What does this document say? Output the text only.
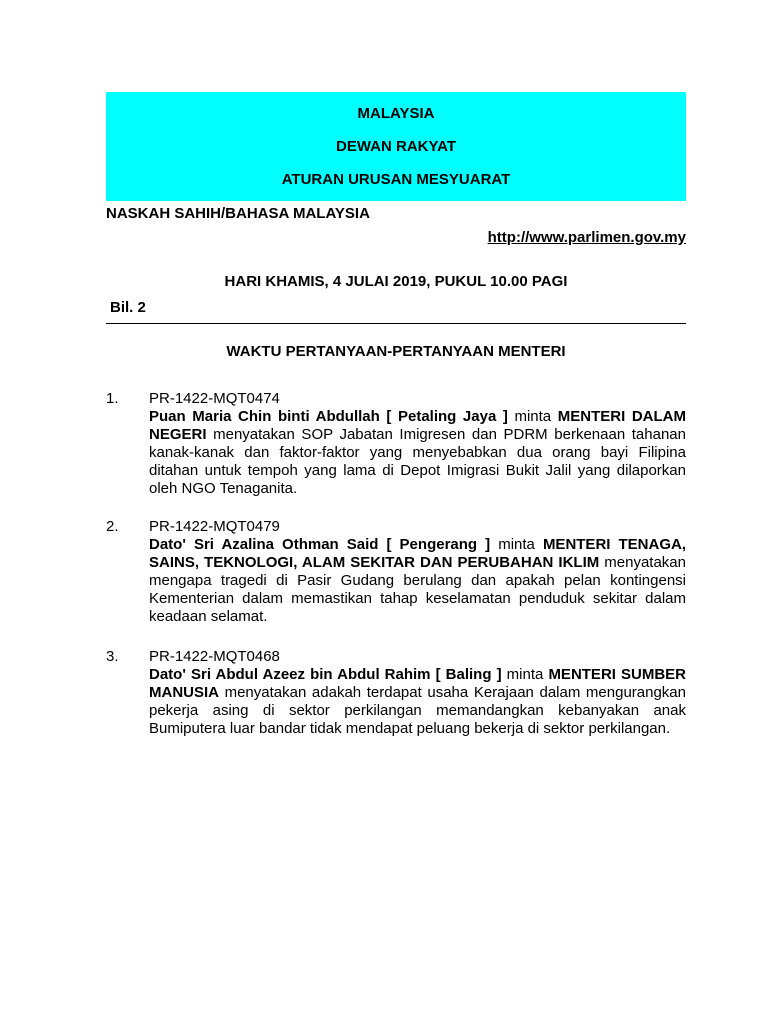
MALAYSIA
DEWAN RAKYAT
ATURAN URUSAN MESYUARAT
NASKAH SAHIH/BAHASA MALAYSIA
http://www.parlimen.gov.my
HARI KHAMIS, 4 JULAI 2019, PUKUL 10.00 PAGI
Bil. 2
WAKTU PERTANYAAN-PERTANYAAN MENTERI
1. PR-1422-MQT0474
Puan Maria Chin binti Abdullah [ Petaling Jaya ] minta MENTERI DALAM NEGERI menyatakan SOP Jabatan Imigresen dan PDRM berkenaan tahanan kanak-kanak dan faktor-faktor yang menyebabkan dua orang bayi Filipina ditahan untuk tempoh yang lama di Depot Imigrasi Bukit Jalil yang dilaporkan oleh NGO Tenaganita.
2. PR-1422-MQT0479
Dato' Sri Azalina Othman Said [ Pengerang ] minta MENTERI TENAGA, SAINS, TEKNOLOGI, ALAM SEKITAR DAN PERUBAHAN IKLIM menyatakan mengapa tragedi di Pasir Gudang berulang dan apakah pelan kontingensi Kementerian dalam memastikan tahap keselamatan penduduk sekitar dalam keadaan selamat.
3. PR-1422-MQT0468
Dato' Sri Abdul Azeez bin Abdul Rahim [ Baling ] minta MENTERI SUMBER MANUSIA menyatakan adakah terdapat usaha Kerajaan dalam mengurangkan pekerja asing di sektor perkilangan memandangkan kebanyakan anak Bumiputera luar bandar tidak mendapat peluang bekerja di sektor perkilangan.
